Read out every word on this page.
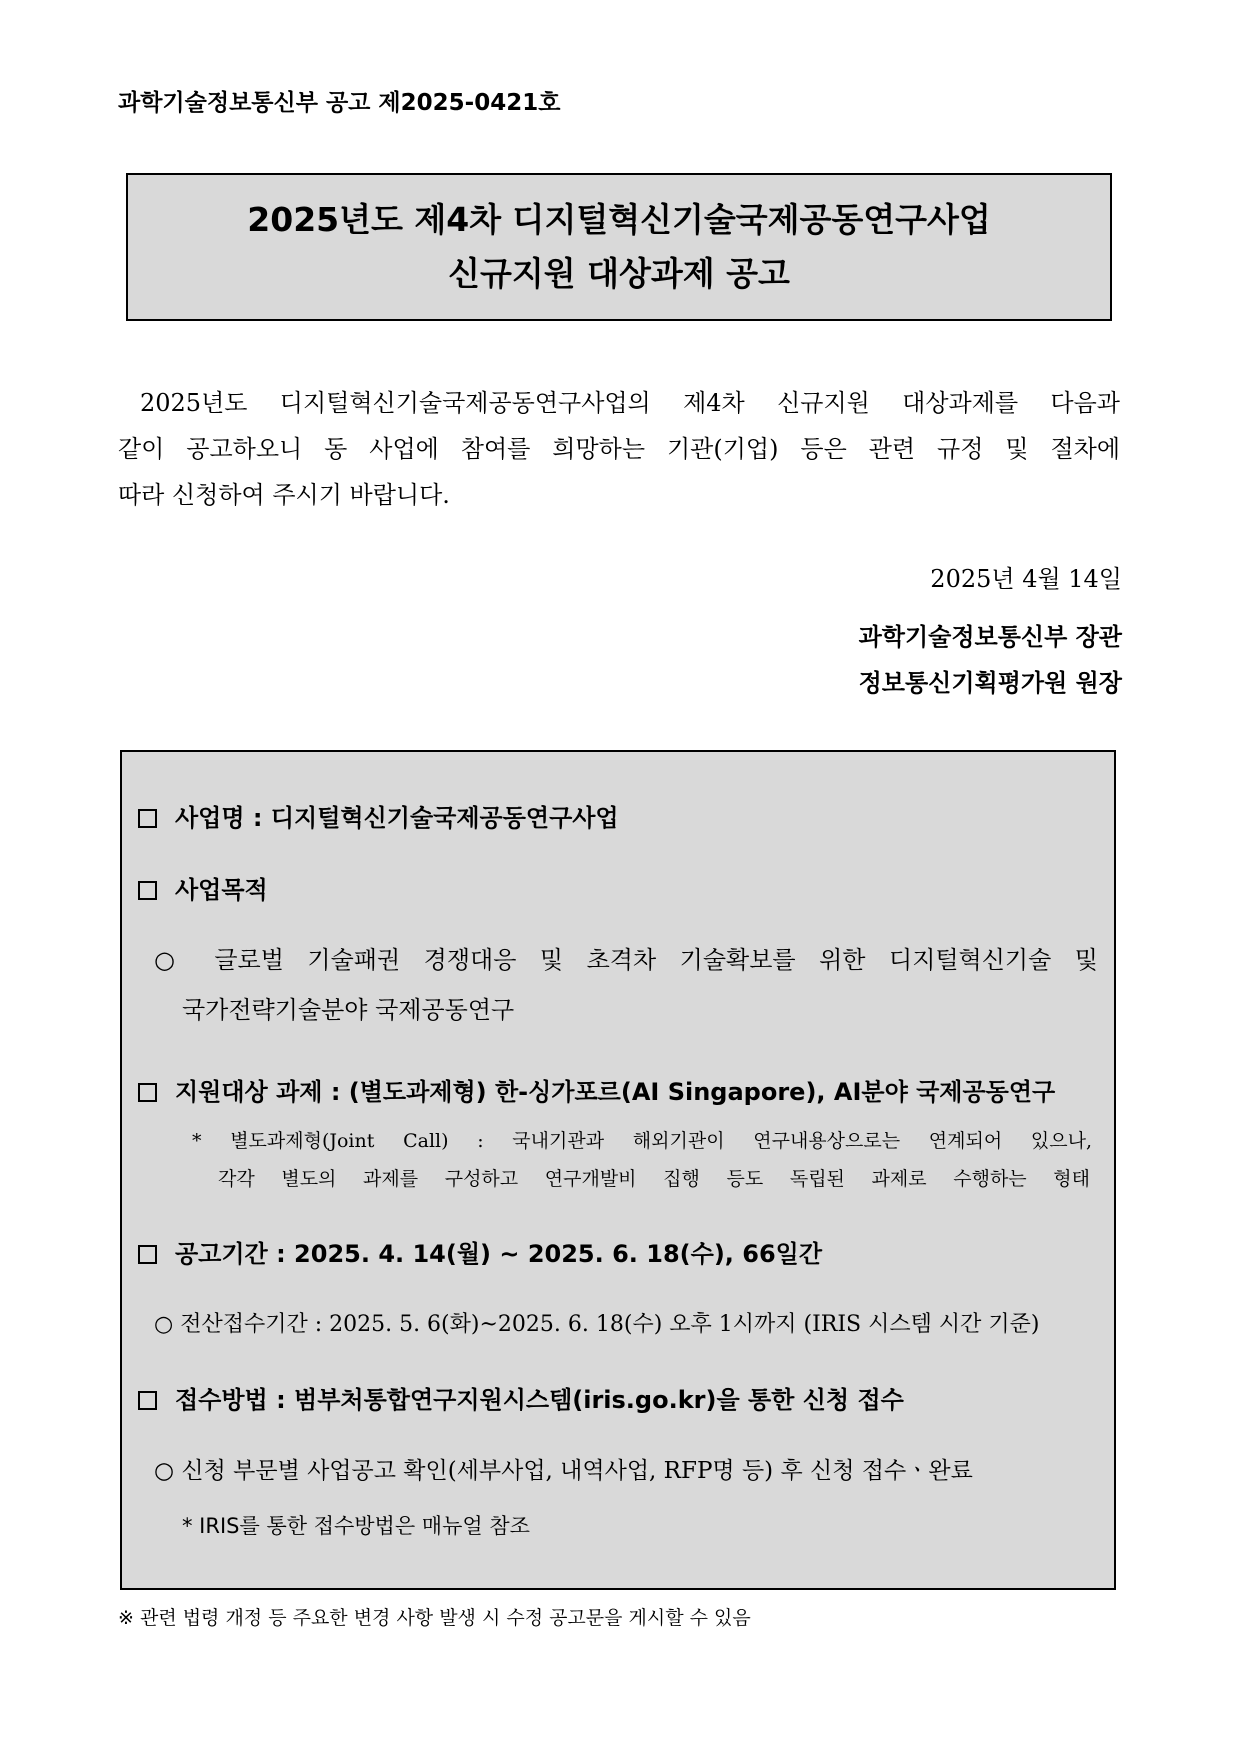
과학기술정보통신부 공고 제2025-0421호
2025년도 제4차 디지털혁신기술국제공동연구사업
신규지원 대상과제 공고
2025년도 디지털혁신기술국제공동연구사업의 제4차 신규지원 대상과제를 다음과
같이 공고하오니 동 사업에 참여를 희망하는 기관(기업) 등은 관련 규정 및 절차에
따라 신청하여 주시기 바랍니다.
2025년 4월 14일
과학기술정보통신부 장관
정보통신기획평가원 원장
사업명 : 디지털혁신기술국제공동연구사업
사업목적
○ 글로벌 기술패권 경쟁대응 및 초격차 기술확보를 위한 디지털혁신기술 및
국가전략기술분야 국제공동연구
지원대상 과제 : (별도과제형) 한-싱가포르(AI Singapore), AI분야 국제공동연구
* 별도과제형(Joint Call) : 국내기관과 해외기관이 연구내용상으로는 연계되어 있으나,
각각 별도의 과제를 구성하고 연구개발비 집행 등도 독립된 과제로 수행하는 형태
공고기간 : 2025. 4. 14(월) ~ 2025. 6. 18(수), 66일간
○ 전산접수기간 : 2025. 5. 6(화)~2025. 6. 18(수) 오후 1시까지 (IRIS 시스템 시간 기준)
접수방법 : 범부처통합연구지원시스템(iris.go.kr)을 통한 신청 접수
○ 신청 부문별 사업공고 확인(세부사업, 내역사업, RFP명 등) 후 신청 접수ㆍ완료
* IRIS를 통한 접수방법은 매뉴얼 참조
※ 관련 법령 개정 등 주요한 변경 사항 발생 시 수정 공고문을 게시할 수 있음
